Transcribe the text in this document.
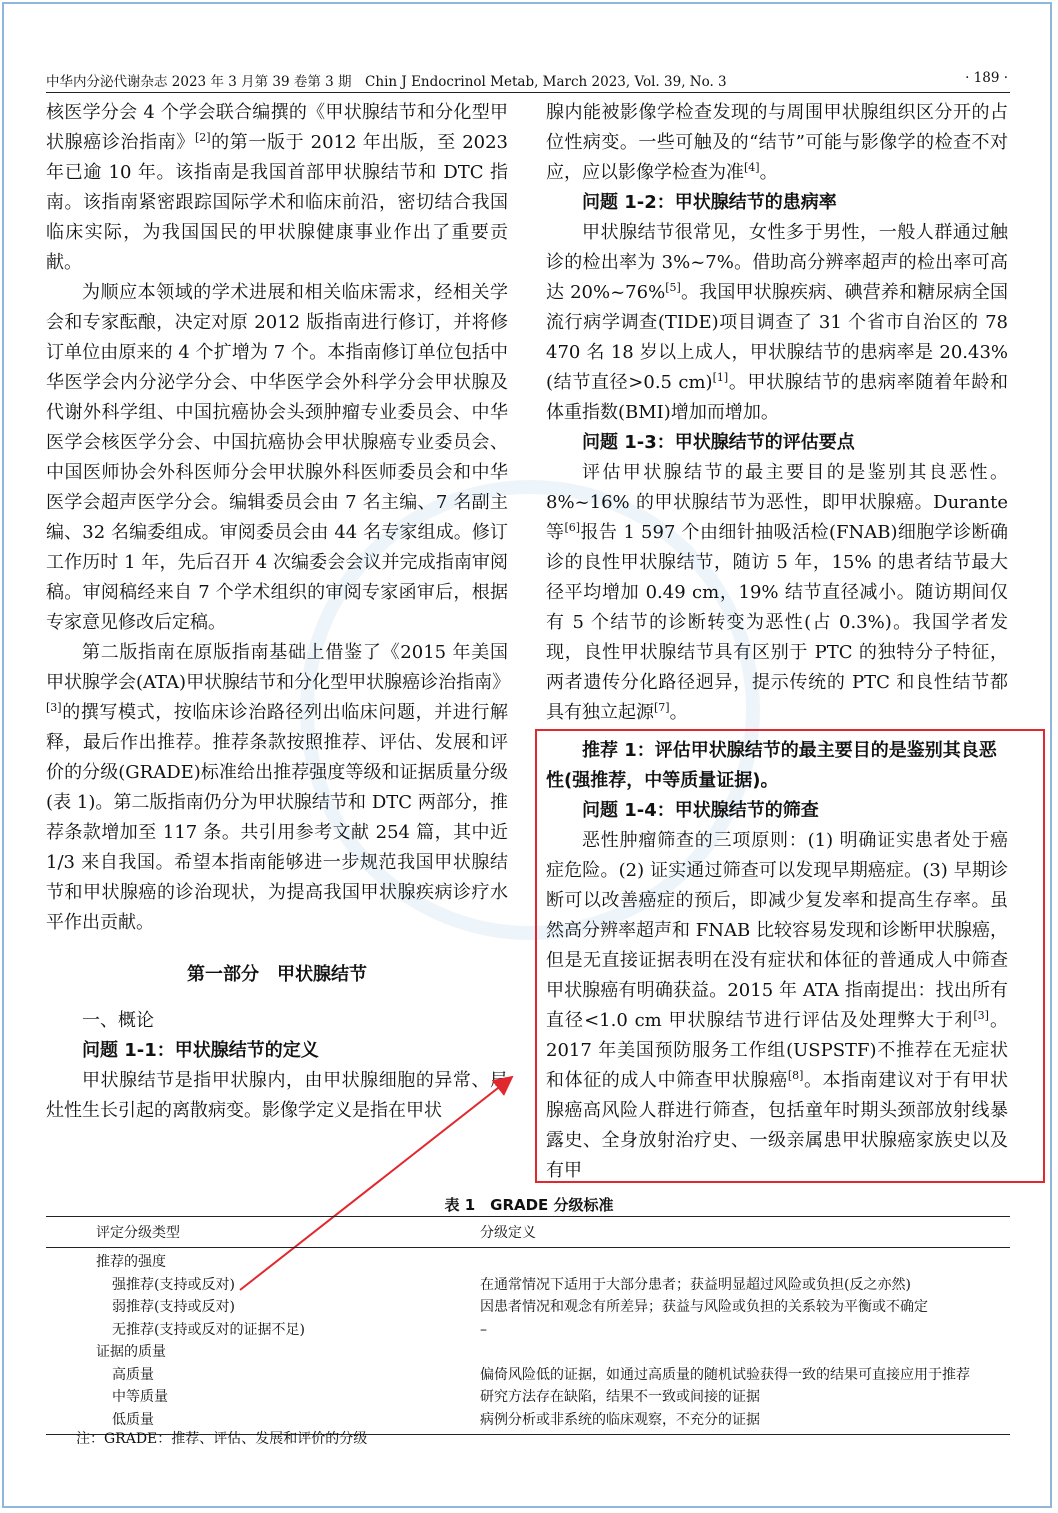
中华内分泌代谢杂志 2023 年 3 月第 39 卷第 3 期　Chin J Endocrinol Metab, March 2023, Vol. 39, No. 3	· 189 ·

核医学分会 4 个学会联合编撰的《甲状腺结节和分化型甲状腺癌诊治指南》[2]的第一版于 2012 年出版，至 2023 年已逾 10 年。该指南是我国首部甲状腺结节和 DTC 指南。该指南紧密跟踪国际学术和临床前沿，密切结合我国临床实际，为我国国民的甲状腺健康事业作出了重要贡献。

为顺应本领域的学术进展和相关临床需求，经相关学会和专家酝酿，决定对原 2012 版指南进行修订，并将修订单位由原来的 4 个扩增为 7 个。本指南修订单位包括中华医学会内分泌学分会、中华医学会外科学分会甲状腺及代谢外科学组、中国抗癌协会头颈肿瘤专业委员会、中华医学会核医学分会、中国抗癌协会甲状腺癌专业委员会、中国医师协会外科医师分会甲状腺外科医师委员会和中华医学会超声医学分会。编辑委员会由 7 名主编、7 名副主编、32 名编委组成。审阅委员会由 44 名专家组成。修订工作历时 1 年，先后召开 4 次编委会会议并完成指南审阅稿。审阅稿经来自 7 个学术组织的审阅专家函审后，根据专家意见修改后定稿。

第二版指南在原版指南基础上借鉴了《2015 年美国甲状腺学会(ATA)甲状腺结节和分化型甲状腺癌诊治指南》[3]的撰写模式，按临床诊治路径列出临床问题，并进行解释，最后作出推荐。推荐条款按照推荐、评估、发展和评价的分级(GRADE)标准给出推荐强度等级和证据质量分级(表 1)。第二版指南仍分为甲状腺结节和 DTC 两部分，推荐条款增加至 117 条。共引用参考文献 254 篇，其中近 1/3 来自我国。希望本指南能够进一步规范我国甲状腺结节和甲状腺癌的诊治现状，为提高我国甲状腺疾病诊疗水平作出贡献。

第一部分　甲状腺结节

一、概论

问题 1-1：甲状腺结节的定义

甲状腺结节是指甲状腺内，由甲状腺细胞的异常、局灶性生长引起的离散病变。影像学定义是指在甲状

腺内能被影像学检查发现的与周围甲状腺组织区分开的占位性病变。一些可触及的“结节”可能与影像学的检查不对应，应以影像学检查为准[4]。

问题 1-2：甲状腺结节的患病率

甲状腺结节很常见，女性多于男性，一般人群通过触诊的检出率为 3%~7%。借助高分辨率超声的检出率可高达 20%~76%[5]。我国甲状腺疾病、碘营养和糖尿病全国流行病学调查(TIDE)项目调查了 31 个省市自治区的 78 470 名 18 岁以上成人，甲状腺结节的患病率是 20.43%(结节直径>0.5 cm)[1]。甲状腺结节的患病率随着年龄和体重指数(BMI)增加而增加。

问题 1-3：甲状腺结节的评估要点

评估甲状腺结节的最主要目的是鉴别其良恶性。8%~16% 的甲状腺结节为恶性，即甲状腺癌。Durante 等[6]报告 1 597 个由细针抽吸活检(FNAB)细胞学诊断确诊的良性甲状腺结节，随访 5 年，15% 的患者结节最大径平均增加 0.49 cm，19% 结节直径减小。随访期间仅有 5 个结节的诊断转变为恶性(占 0.3%)。我国学者发现，良性甲状腺结节具有区别于 PTC 的独特分子特征，两者遗传分化路径迥异，提示传统的 PTC 和良性结节都具有独立起源[7]。

推荐 1：评估甲状腺结节的最主要目的是鉴别其良恶性(强推荐，中等质量证据)。
问题 1-4：甲状腺结节的筛查

恶性肿瘤筛查的三项原则：(1) 明确证实患者处于癌症危险。(2) 证实通过筛查可以发现早期癌症。(3) 早期诊断可以改善癌症的预后，即减少复发率和提高生存率。虽然高分辨率超声和 FNAB 比较容易发现和诊断甲状腺癌，但是无直接证据表明在没有症状和体征的普通成人中筛查甲状腺癌有明确获益。2015 年 ATA 指南提出：找出所有直径<1.0 cm 甲状腺结节进行评估及处理弊大于利[3]。2017 年美国预防服务工作组(USPSTF)不推荐在无症状和体征的成人中筛查甲状腺癌[8]。本指南建议对于有甲状腺癌高风险人群进行筛查，包括童年时期头颈部放射线暴露史、全身放射治疗史、一级亲属患甲状腺癌家族史以及有甲

表 1　GRADE 分级标准
评定分级类型	分级定义
推荐的强度	
强推荐(支持或反对)	在通常情况下适用于大部分患者；获益明显超过风险或负担(反之亦然)
弱推荐(支持或反对)	因患者情况和观念有所差异；获益与风险或负担的关系较为平衡或不确定
无推荐(支持或反对的证据不足)	–
证据的质量	
高质量	偏倚风险低的证据，如通过高质量的随机试验获得一致的结果可直接应用于推荐
中等质量	研究方法存在缺陷，结果不一致或间接的证据
低质量	病例分析或非系统的临床观察，不充分的证据
注：GRADE：推荐、评估、发展和评价的分级
